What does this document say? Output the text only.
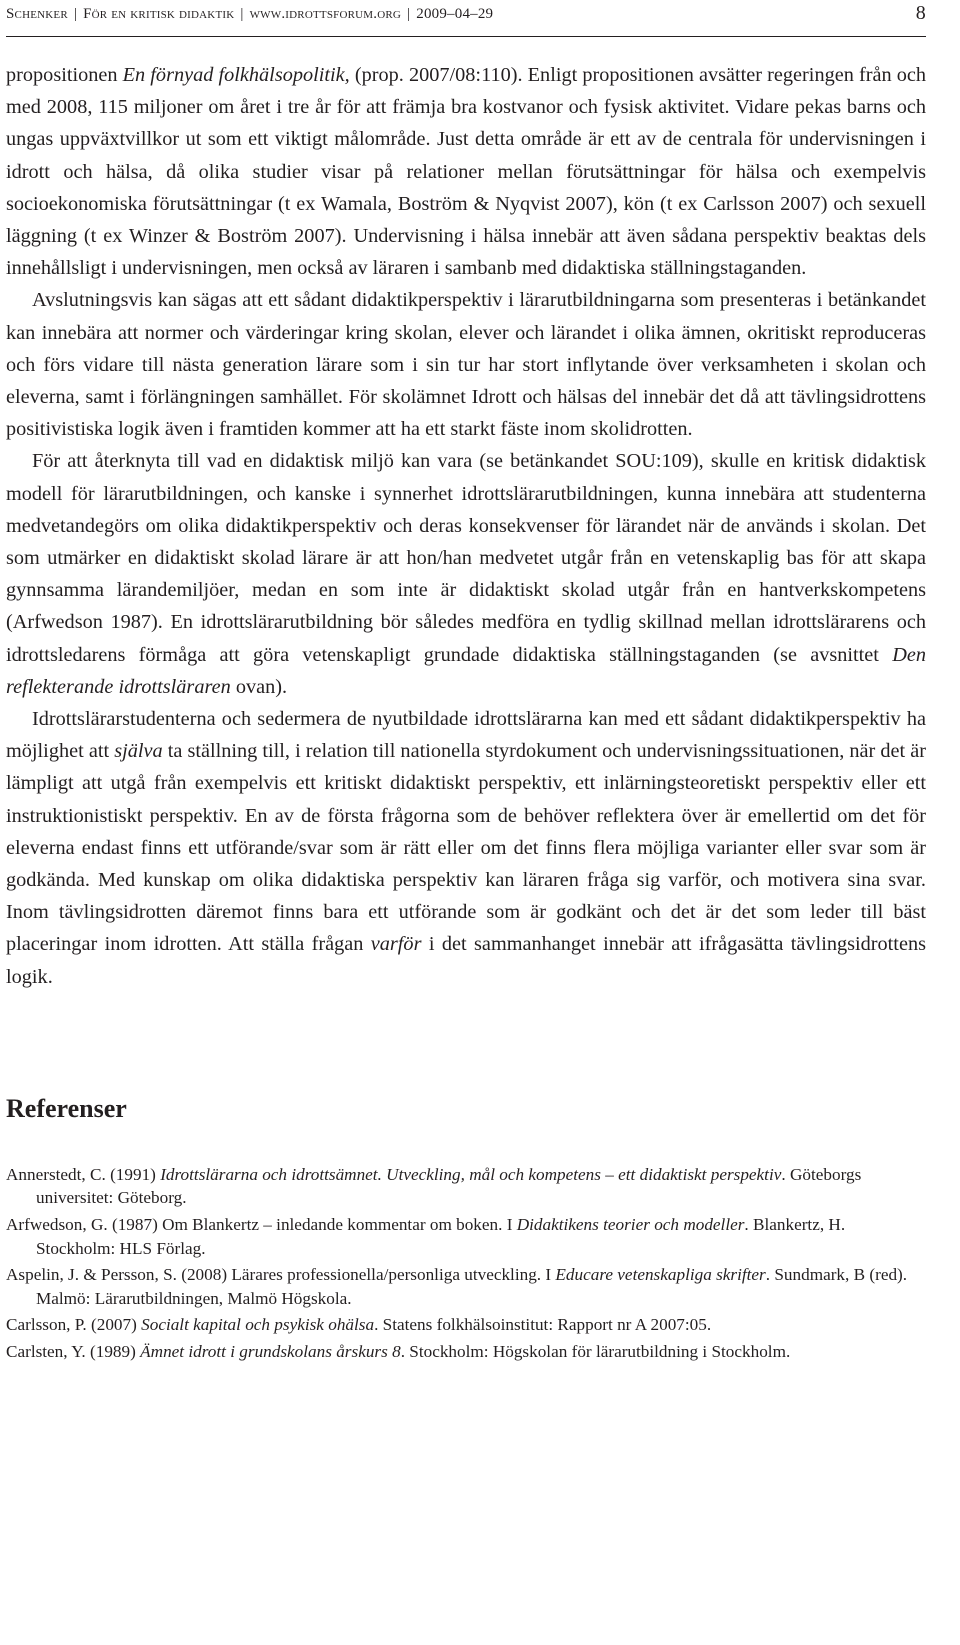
Schenker | För en kritisk didaktik | www.idrottsforum.org | 2009–04–29	8

propositionen En förnyad folkhälsopolitik, (prop. 2007/08:110). Enligt propositionen avsätter regeringen från och med 2008, 115 miljoner om året i tre år för att främja bra kostvanor och fysisk aktivitet. Vidare pekas barns och ungas uppväxtvillkor ut som ett viktigt målområde. Just detta område är ett av de centrala för undervisningen i idrott och hälsa, då olika studier visar på relationer mellan förutsättningar för hälsa och exempelvis socioekonomiska förutsättningar (t ex Wamala, Boström & Nyqvist 2007), kön (t ex Carlsson 2007) och sexuell läggning (t ex Winzer & Boström 2007). Undervisning i hälsa innebär att även sådana perspektiv beaktas dels innehållsligt i undervisningen, men också av läraren i sambanb med didaktiska ställningstaganden.

Avslutningsvis kan sägas att ett sådant didaktikperspektiv i lärarutbildningarna som presenteras i betänkandet kan innebära att normer och värderingar kring skolan, elever och lärandet i olika ämnen, okritiskt reproduceras och förs vidare till nästa generation lärare som i sin tur har stort inflytande över verksamheten i skolan och eleverna, samt i förlängningen samhället. För skolämnet Idrott och hälsas del innebär det då att tävlingsidrottens positivistiska logik även i framtiden kommer att ha ett starkt fäste inom skolidrotten.

För att återknyta till vad en didaktisk miljö kan vara (se betänkandet SOU:109), skulle en kritisk didaktisk modell för lärarutbildningen, och kanske i synnerhet idrottslärarutbildningen, kunna innebära att studenterna medvetandegörs om olika didaktikperspektiv och deras konsekvenser för lärandet när de används i skolan. Det som utmärker en didaktiskt skolad lärare är att hon/han medvetet utgår från en vetenskaplig bas för att skapa gynnsamma lärandemiljöer, medan en som inte är didaktiskt skolad utgår från en hantverkskompetens (Arfwedson 1987). En idrottslärarutbildning bör således medföra en tydlig skillnad mellan idrottslärarens och idrottsledarens förmåga att göra vetenskapligt grundade didaktiska ställningstaganden (se avsnittet Den reflekterande idrottsläraren ovan).

Idrottslärarstudenterna och sedermera de nyutbildade idrottslärarna kan med ett sådant didaktikperspektiv ha möjlighet att själva ta ställning till, i relation till nationella styrdokument och undervisningssituationen, när det är lämpligt att utgå från exempelvis ett kritiskt didaktiskt perspektiv, ett inlärningsteoretiskt perspektiv eller ett instruktionistiskt perspektiv. En av de första frågorna som de behöver reflektera över är emellertid om det för eleverna endast finns ett utförande/svar som är rätt eller om det finns flera möjliga varianter eller svar som är godkända. Med kunskap om olika didaktiska perspektiv kan läraren fråga sig varför, och motivera sina svar. Inom tävlingsidrotten däremot finns bara ett utförande som är godkänt och det är det som leder till bäst placeringar inom idrotten. Att ställa frågan varför i det sammanhanget innebär att ifrågasätta tävlingsidrottens logik.

Referenser
Annerstedt, C. (1991) Idrottslärarna och idrottsämnet. Utveckling, mål och kompetens – ett didaktiskt perspektiv. Göteborgs universitet: Göteborg.
Arfwedson, G. (1987) Om Blankertz – inledande kommentar om boken. I Didaktikens teorier och modeller. Blankertz, H. Stockholm: HLS Förlag.
Aspelin, J. & Persson, S. (2008) Lärares professionella/personliga utveckling. I Educare vetenskapliga skrifter. Sundmark, B (red). Malmö: Lärarutbildningen, Malmö Högskola.
Carlsson, P. (2007) Socialt kapital och psykisk ohälsa. Statens folkhälsoinstitut: Rapport nr A 2007:05.
Carlsten, Y. (1989) Ämnet idrott i grundskolans årskurs 8. Stockholm: Högskolan för lärarutbildning i Stockholm.
